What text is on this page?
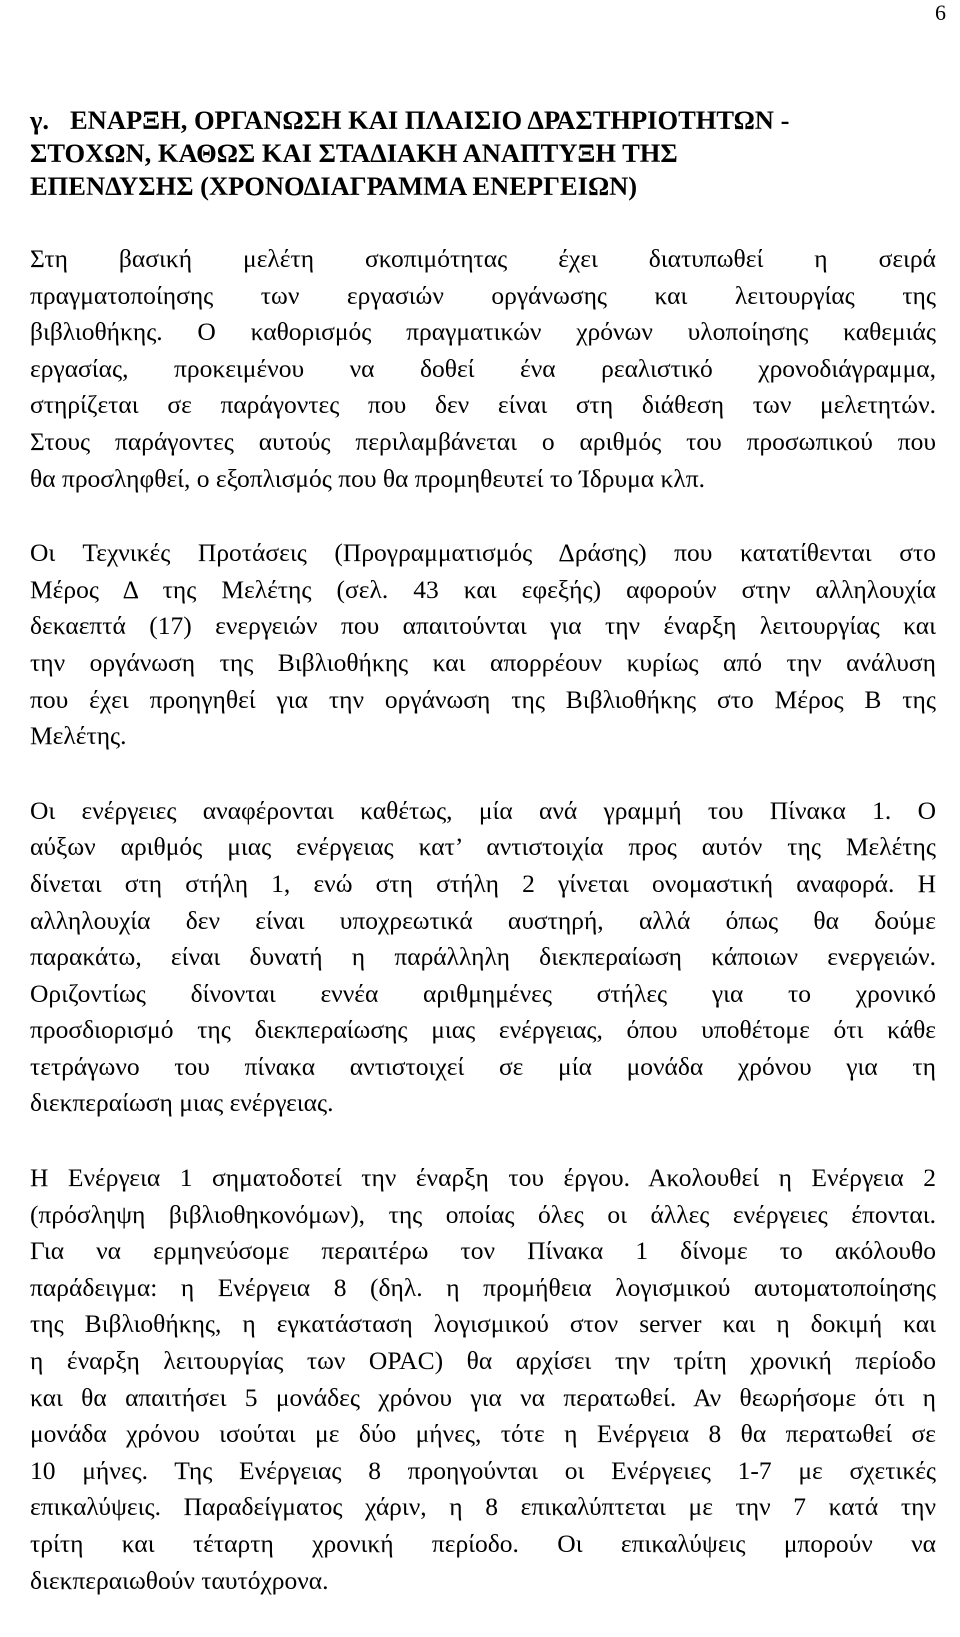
6
γ. ΕΝΑΡΞΗ, ΟΡΓΑΝΩΣΗ ΚΑΙ ΠΛΑΙΣΙΟ ΔΡΑΣΤΗΡΙΟΤΗΤΩΝ -
ΣΤΟΧΩΝ, ΚΑΘΩΣ ΚΑΙ ΣΤΑΔΙΑΚΗ ΑΝΑΠΤΥΞΗ ΤΗΣ
ΕΠΕΝΔΥΣΗΣ (ΧΡΟΝΟΔΙΑΓΡΑΜΜΑ ΕΝΕΡΓΕΙΩΝ)

Στη βασική μελέτη σκοπιμότητας έχει διατυπωθεί η σειρά
πραγματοποίησης των εργασιών οργάνωσης και λειτουργίας της
βιβλιοθήκης. Ο καθορισμός πραγματικών χρόνων υλοποίησης καθεμιάς
εργασίας, προκειμένου να δοθεί ένα ρεαλιστικό χρονοδιάγραμμα,
στηρίζεται σε παράγοντες που δεν είναι στη διάθεση των μελετητών.
Στους παράγοντες αυτούς περιλαμβάνεται ο αριθμός του προσωπικού που
θα προσληφθεί, ο εξοπλισμός που θα προμηθευτεί το Ίδρυμα κλπ.

Οι Τεχνικές Προτάσεις (Προγραμματισμός Δράσης) που κατατίθενται στο
Μέρος Δ της Μελέτης (σελ. 43 και εφεξής) αφορούν στην αλληλουχία
δεκαεπτά (17) ενεργειών που απαιτούνται για την έναρξη λειτουργίας και
την οργάνωση της Βιβλιοθήκης και απορρέουν κυρίως από την ανάλυση
που έχει προηγηθεί για την οργάνωση της Βιβλιοθήκης στο Μέρος Β της
Μελέτης.

Οι ενέργειες αναφέρονται καθέτως, μία ανά γραμμή του Πίνακα 1. Ο
αύξων αριθμός μιας ενέργειας κατ’ αντιστοιχία προς αυτόν της Μελέτης
δίνεται στη στήλη 1, ενώ στη στήλη 2 γίνεται ονομαστική αναφορά. Η
αλληλουχία δεν είναι υποχρεωτικά αυστηρή, αλλά όπως θα δούμε
παρακάτω, είναι δυνατή η παράλληλη διεκπεραίωση κάποιων ενεργειών.
Οριζοντίως δίνονται εννέα αριθμημένες στήλες για το χρονικό
προσδιορισμό της διεκπεραίωσης μιας ενέργειας, όπου υποθέτομε ότι κάθε
τετράγωνο του πίνακα αντιστοιχεί σε μία μονάδα χρόνου για τη
διεκπεραίωση μιας ενέργειας.

Η Ενέργεια 1 σηματοδοτεί την έναρξη του έργου. Ακολουθεί η Ενέργεια 2
(πρόσληψη βιβλιοθηκονόμων), της οποίας όλες οι άλλες ενέργειες έπονται.
Για να ερμηνεύσομε περαιτέρω τον Πίνακα 1 δίνομε το ακόλουθο
παράδειγμα: η Ενέργεια 8 (δηλ. η προμήθεια λογισμικού αυτοματοποίησης
της Βιβλιοθήκης, η εγκατάσταση λογισμικού στον server και η δοκιμή και
η έναρξη λειτουργίας των OPAC) θα αρχίσει την τρίτη χρονική περίοδο
και θα απαιτήσει 5 μονάδες χρόνου για να περατωθεί. Αν θεωρήσομε ότι η
μονάδα χρόνου ισούται με δύο μήνες, τότε η Ενέργεια 8 θα περατωθεί σε
10 μήνες. Της Ενέργειας 8 προηγούνται οι Ενέργειες 1-7 με σχετικές
επικαλύψεις. Παραδείγματος χάριν, η 8 επικαλύπτεται με την 7 κατά την
τρίτη και τέταρτη χρονική περίοδο. Οι επικαλύψεις μπορούν να
διεκπεραιωθούν ταυτόχρονα.
